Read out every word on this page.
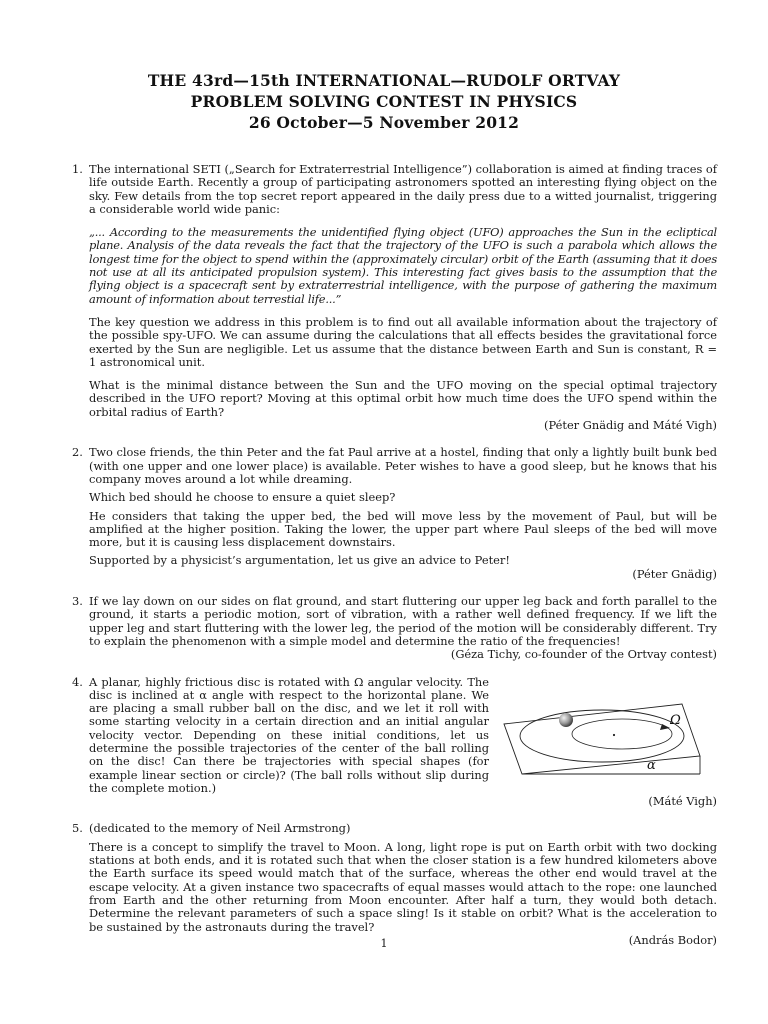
THE 43rd—15th INTERNATIONAL—RUDOLF ORTVAY
PROBLEM SOLVING CONTEST IN PHYSICS
26 October—5 November 2012
1. The international SETI („Search for Extraterrestrial Intelligence”) collaboration is aimed at finding traces of life outside Earth. Recently a group of participating astronomers spotted an interesting flying object on the sky. Few details from the top secret report appeared in the daily press due to a witted journalist, triggering a considerable world wide panic:

„... According to the measurements the unidentified flying object (UFO) approaches the Sun in the ecliptical plane. Analysis of the data reveals the fact that the trajectory of the UFO is such a parabola which allows the longest time for the object to spend within the (approximately circular) orbit of the Earth (assuming that it does not use at all its anticipated propulsion system). This interesting fact gives basis to the assumption that the flying object is a spacecraft sent by extraterrestrial intelligence, with the purpose of gathering the maximum amount of information about terrestial life...”

The key question we address in this problem is to find out all available information about the trajectory of the possible spy-UFO. We can assume during the calculations that all effects besides the gravitational force exerted by the Sun are negligible. Let us assume that the distance between Earth and Sun is constant, R = 1 astronomical unit.

What is the minimal distance between the Sun and the UFO moving on the special optimal trajectory described in the UFO report? Moving at this optimal orbit how much time does the UFO spend within the orbital radius of Earth?

(Péter Gnädig and Máté Vigh)

2. Two close friends, the thin Peter and the fat Paul arrive at a hostel, finding that only a lightly built bunk bed (with one upper and one lower place) is available. Peter wishes to have a good sleep, but he knows that his company moves around a lot while dreaming.

Which bed should he choose to ensure a quiet sleep?

He considers that taking the upper bed, the bed will move less by the movement of Paul, but will be amplified at the higher position. Taking the lower, the upper part where Paul sleeps of the bed will move more, but it is causing less displacement downstairs.

Supported by a physicist’s argumentation, let us give an advice to Peter!

(Péter Gnädig)

3. If we lay down on our sides on flat ground, and start fluttering our upper leg back and forth parallel to the ground, it starts a periodic motion, sort of vibration, with a rather well defined frequency. If we lift the upper leg and start fluttering with the lower leg, the period of the motion will be considerably different. Try to explain the phenomenon with a simple model and determine the ratio of the frequencies!

(Géza Tichy, co-founder of the Ortvay contest)

4. A planar, highly frictious disc is rotated with Ω angular velocity. The disc is inclined at α angle with respect to the horizontal plane. We are placing a small rubber ball on the disc, and we let it roll with some starting velocity in a certain direction and an initial angular velocity vector. Depending on these initial conditions, let us determine the possible trajectories of the center of the ball rolling on the disc! Can there be trajectories with special shapes (for example linear section or circle)? (The ball rolls without slip during the complete motion.)

(Máté Vigh)

Ω
α
5. (dedicated to the memory of Neil Armstrong)

There is a concept to simplify the travel to Moon. A long, light rope is put on Earth orbit with two docking stations at both ends, and it is rotated such that when the closer station is a few hundred kilometers above the Earth surface its speed would match that of the surface, whereas the other end would travel at the escape velocity. At a given instance two spacecrafts of equal masses would attach to the rope: one launched from Earth and the other returning from Moon encounter. After half a turn, they would both detach. Determine the relevant parameters of such a space sling! Is it stable on orbit? What is the acceleration to be sustained by the astronauts during the travel?

(András Bodor)

1
